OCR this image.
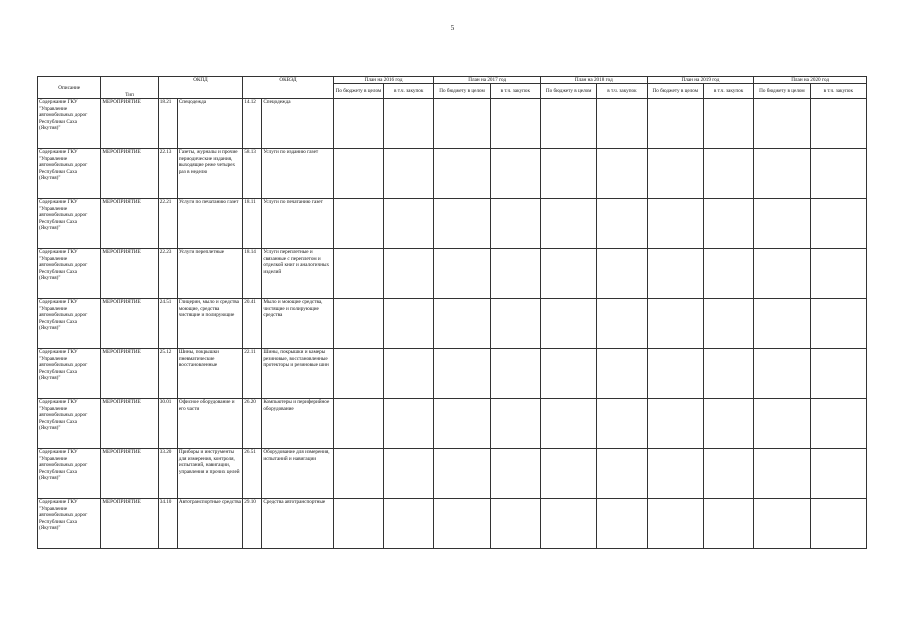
5
Описание	Тип	ОКПД		ОКВЭД		План на 2016 год		План на 2017 год		План на 2018 год		План на 2019 год		План на 2020 год	
						По бюджету в целом	в т.ч. закупок	По бюджету в целом	в т.ч. закупок	По бюджету в целом	в т.ч. закупок	По бюджету в целом	в т.ч. закупок	По бюджету в целом	в т.ч. закупок
Содержание ГКУ "Управление автомобильных дорог Республики Саха (Якутия)"	МЕРОПРИЯТИЕ	18.21	Спецодежда	14.12	Спецодежда										
Содержание ГКУ "Управление автомобильных дорог Республики Саха (Якутия)"	МЕРОПРИЯТИЕ	22.13	Газеты, журналы и прочие периодические издания, выходящие реже четырех раз в неделю	58.13	Услуги по изданию газет										
Содержание ГКУ "Управление автомобильных дорог Республики Саха (Якутия)"	МЕРОПРИЯТИЕ	22.21	Услуги по печатанию газет	18.11	Услуги по печатанию газет										
Содержание ГКУ "Управление автомобильных дорог Республики Саха (Якутия)"	МЕРОПРИЯТИЕ	22.23	Услуги переплетные	18.14	Услуги переплетные и связанные с переплетом и отделкой книг и аналогичных изделий										
Содержание ГКУ "Управление автомобильных дорог Республики Саха (Якутия)"	МЕРОПРИЯТИЕ	24.51	Глицерин, мыло и средства моющие, средства чистящие и полирующие	20.41	Мыло и моющие средства, чистящие и полирующие средства										
Содержание ГКУ "Управление автомобильных дорог Республики Саха (Якутия)"	МЕРОПРИЯТИЕ	25.12	Шины, покрышки пневматические восстановленные	22.11	Шины, покрышки и камеры резиновые, восстановленные протекторы и резиновые шин										
Содержание ГКУ "Управление автомобильных дорог Республики Саха (Якутия)"	МЕРОПРИЯТИЕ	30.01	Офисное оборудование и его части	26.20	Компьютеры и периферийное оборудование										
Содержание ГКУ "Управление автомобильных дорог Республики Саха (Якутия)"	МЕРОПРИЯТИЕ	33.20	Приборы и инструменты для измерения, контроля, испытаний, навигации, управления и прочих целей	26.51	Оборудование для измерения, испытаний и навигации										
Содержание ГКУ "Управление автомобильных дорог Республики Саха (Якутия)"	МЕРОПРИЯТИЕ	34.10	Автотранспортные средства	29.10	Средства автотранспортные										
